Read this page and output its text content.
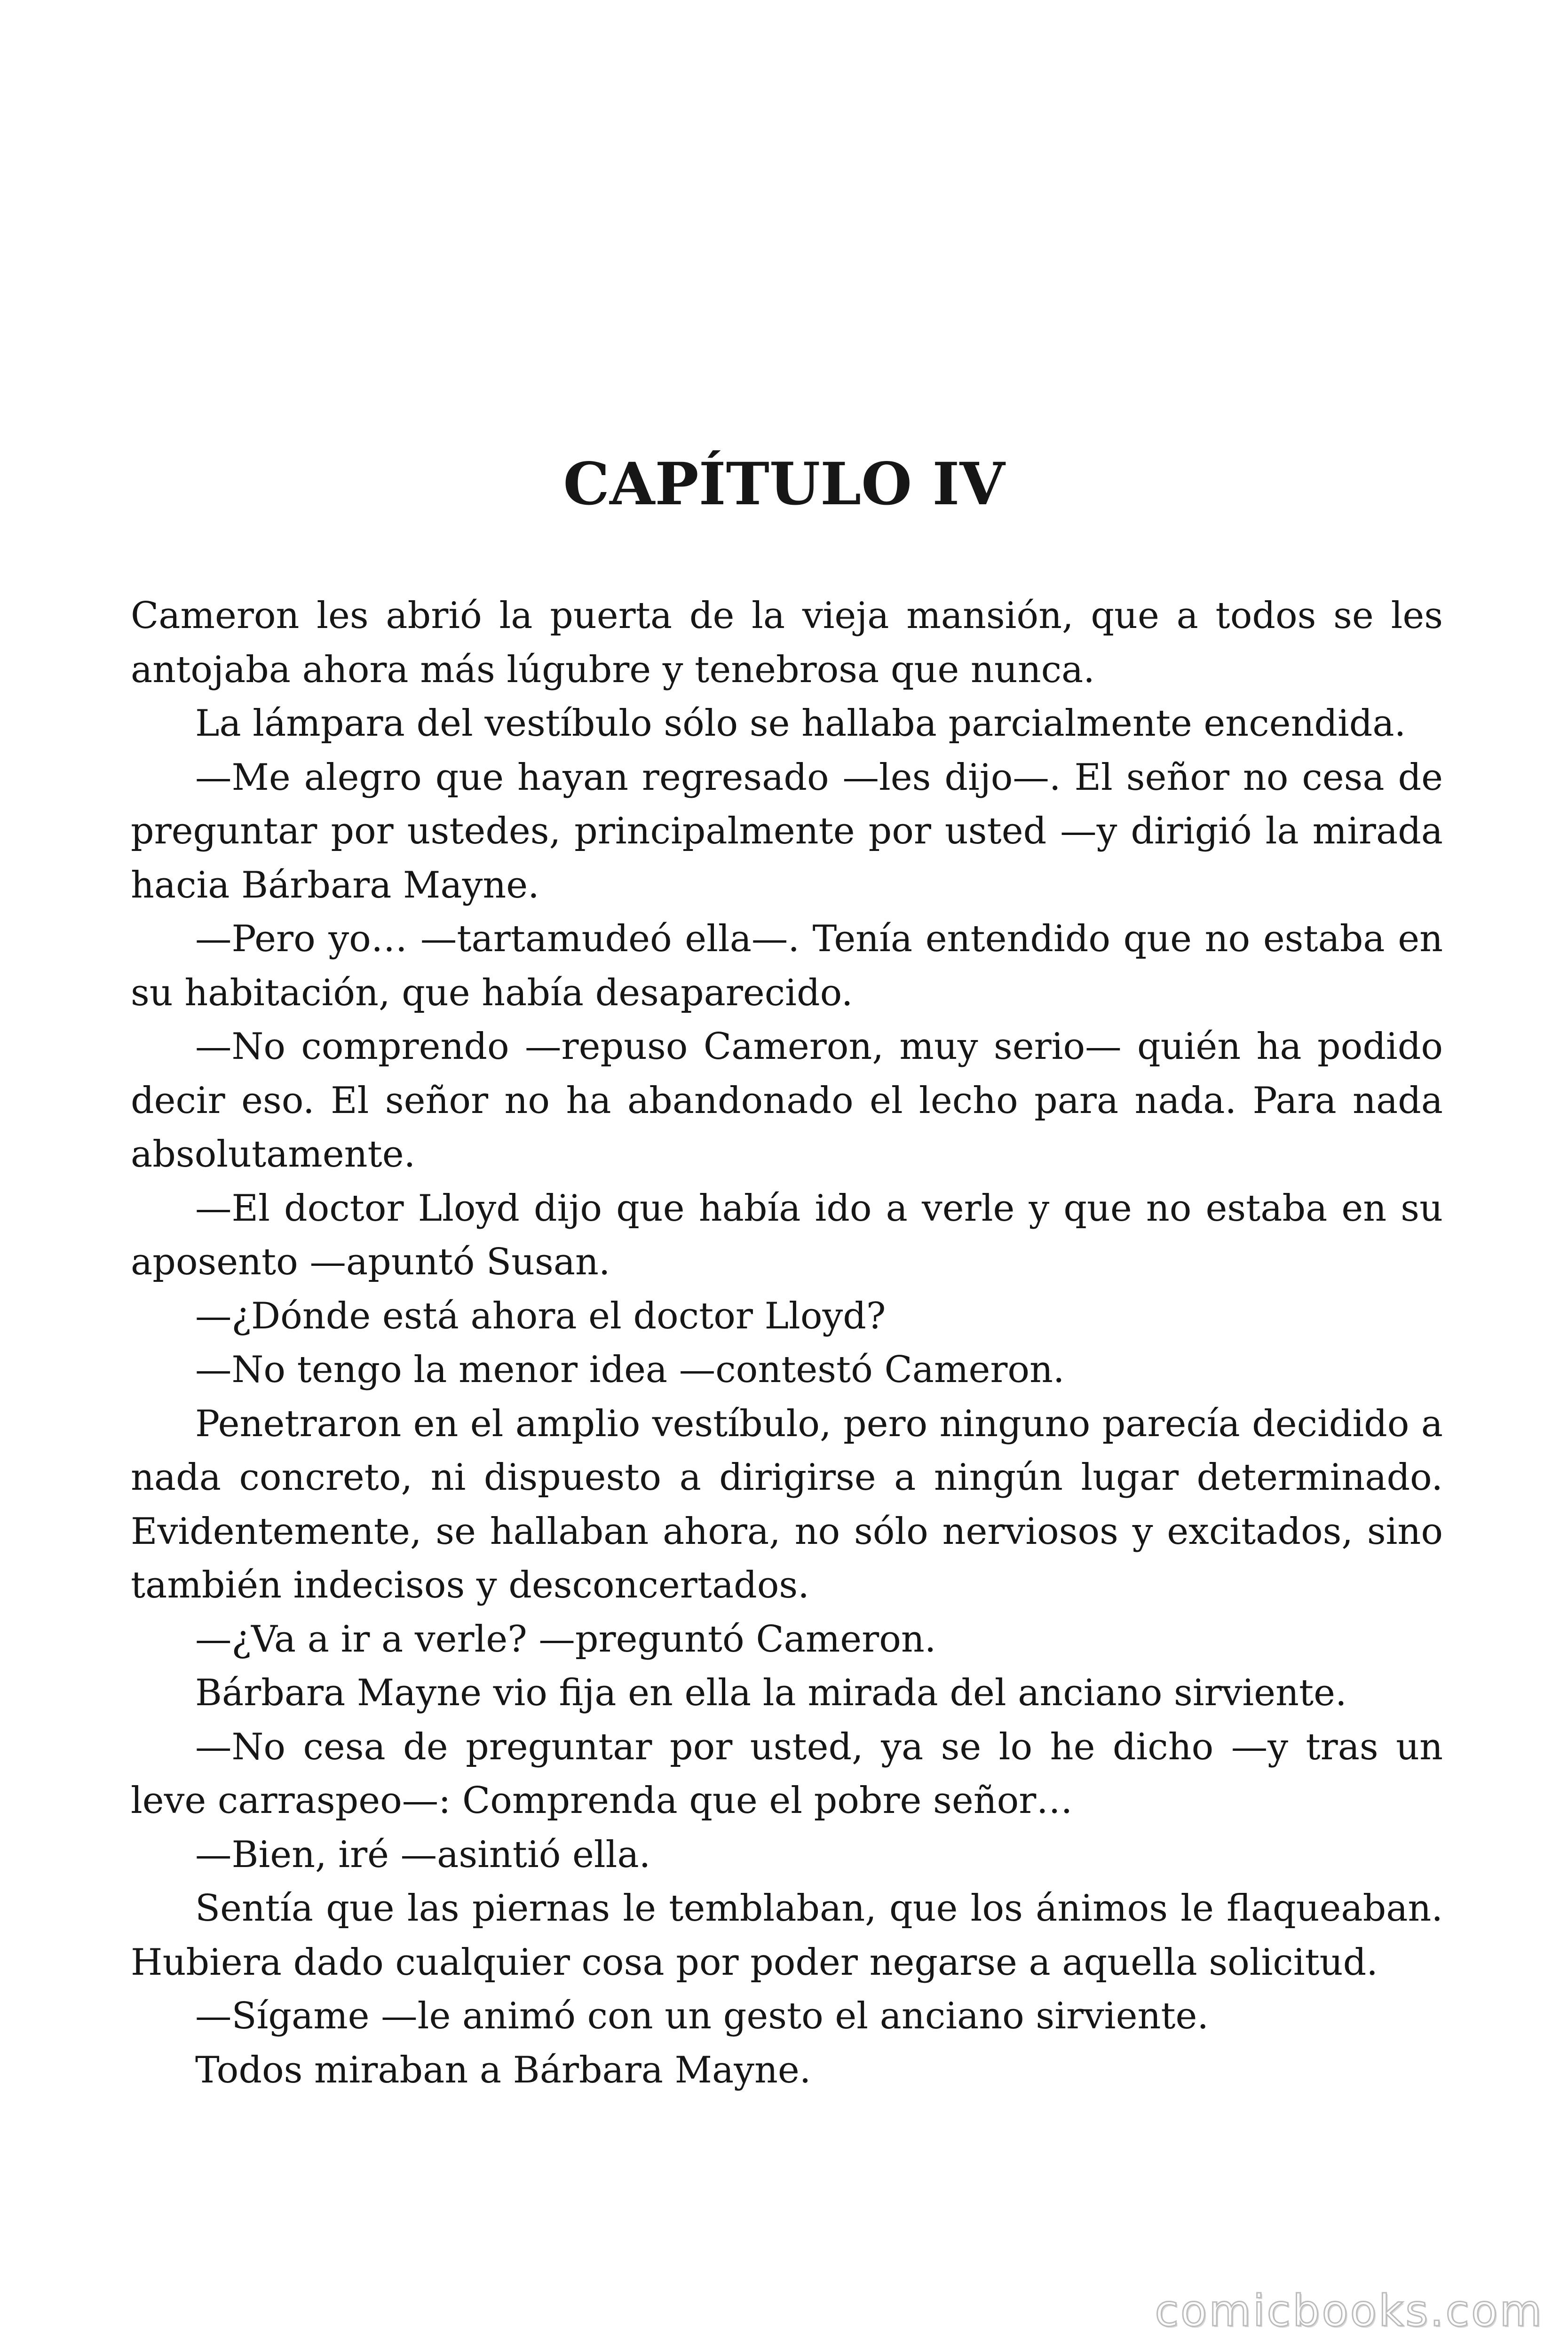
CAPÍTULO IV

Cameron les abrió la puerta de la vieja mansión, que a todos se les antojaba ahora más lúgubre y tenebrosa que nunca.

La lámpara del vestíbulo sólo se hallaba parcialmente encendida.

—Me alegro que hayan regresado —les dijo—. El señor no cesa de preguntar por ustedes, principalmente por usted —y dirigió la mirada hacia Bárbara Mayne.

—Pero yo… —tartamudeó ella—. Tenía entendido que no estaba en su habitación, que había desaparecido.

—No comprendo —repuso Cameron, muy serio— quién ha podido decir eso. El señor no ha abandonado el lecho para nada. Para nada absolutamente.

—El doctor Lloyd dijo que había ido a verle y que no estaba en su aposento —apuntó Susan.

—¿Dónde está ahora el doctor Lloyd?

—No tengo la menor idea —contestó Cameron.

Penetraron en el amplio vestíbulo, pero ninguno parecía decidido a nada concreto, ni dispuesto a dirigirse a ningún lugar determinado. Evidentemente, se hallaban ahora, no sólo nerviosos y excitados, sino también indecisos y desconcertados.

—¿Va a ir a verle? —preguntó Cameron.

Bárbara Mayne vio fija en ella la mirada del anciano sirviente.

—No cesa de preguntar por usted, ya se lo he dicho —y tras un leve carraspeo—: Comprenda que el pobre señor…

—Bien, iré —asintió ella.

Sentía que las piernas le temblaban, que los ánimos le flaqueaban. Hubiera dado cualquier cosa por poder negarse a aquella solicitud.

—Sígame —le animó con un gesto el anciano sirviente.

Todos miraban a Bárbara Mayne.

comicbooks.com
